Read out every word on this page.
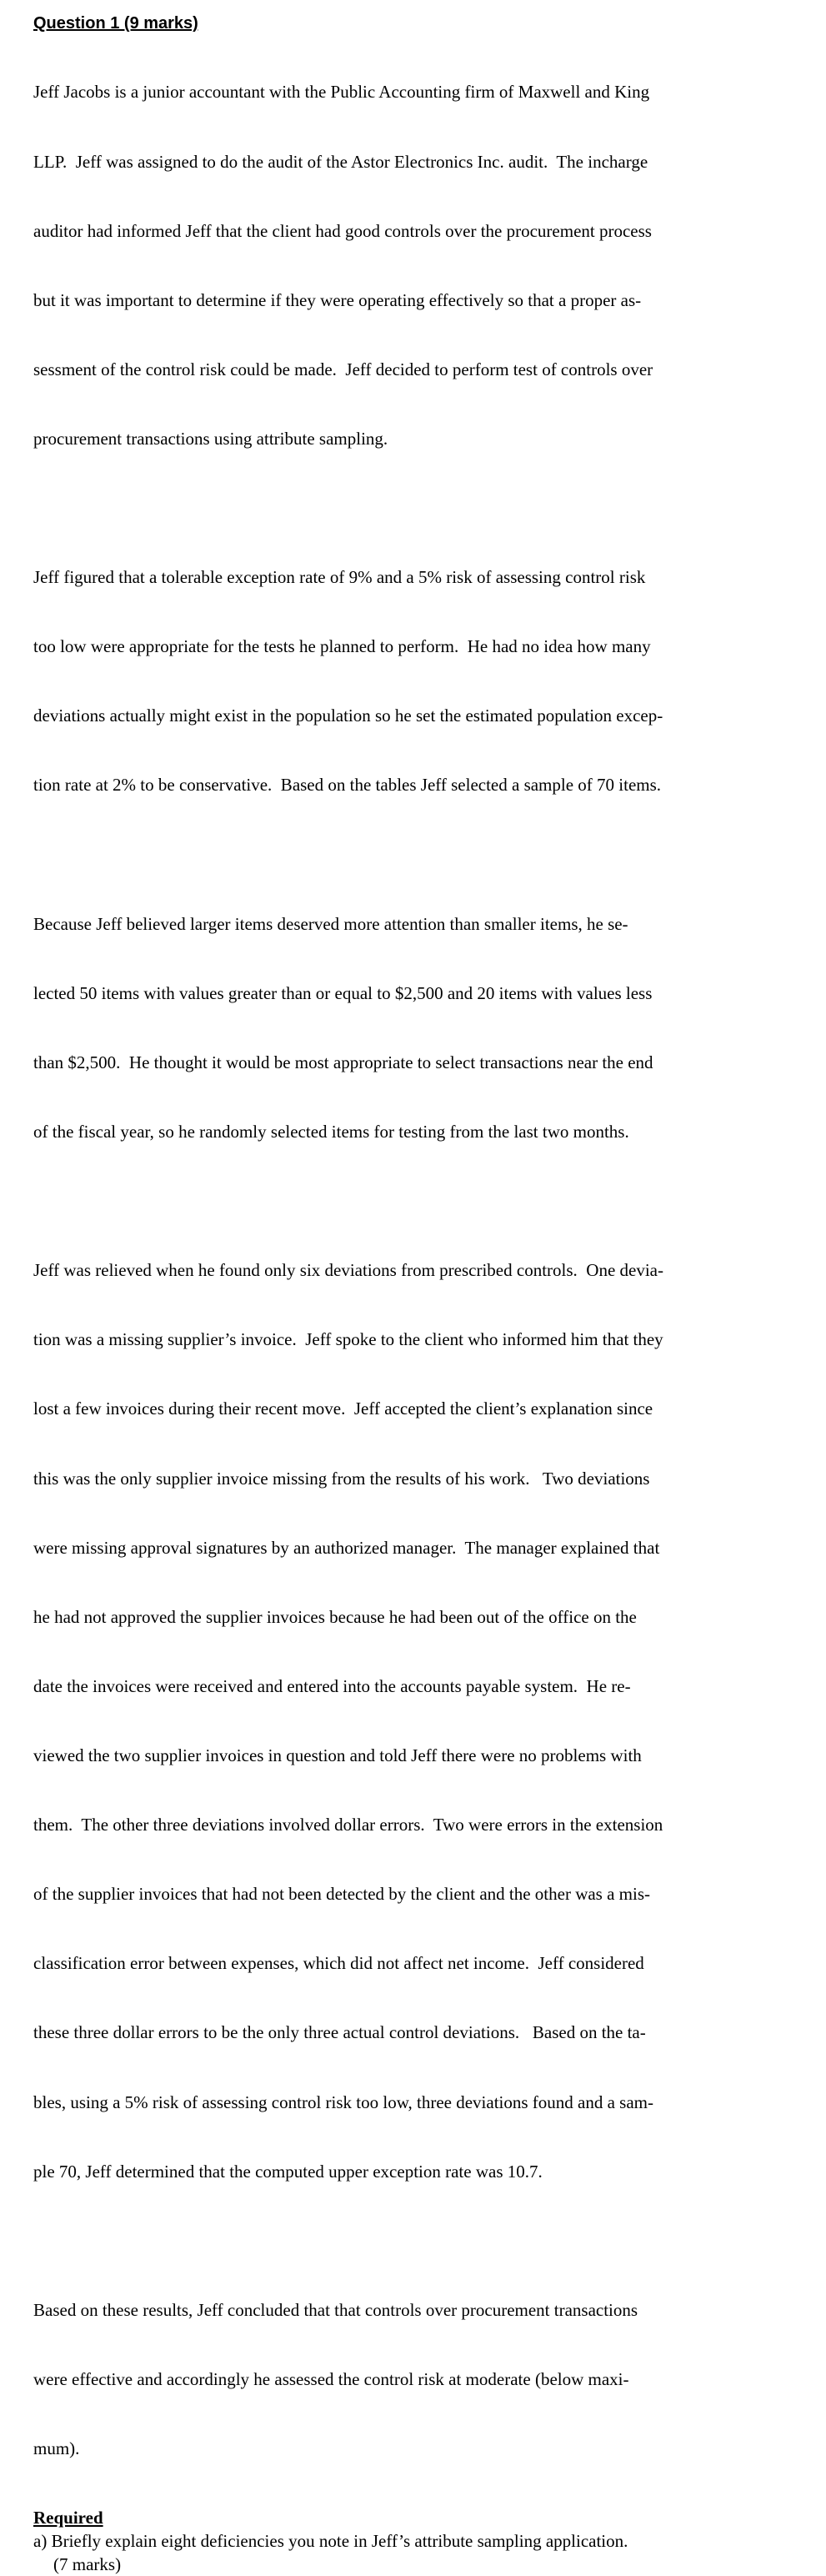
Question 1 (9 marks)

Jeff Jacobs is a junior accountant with the Public Accounting firm of Maxwell and King

LLP.  Jeff was assigned to do the audit of the Astor Electronics Inc. audit.  The incharge

auditor had informed Jeff that the client had good controls over the procurement process

but it was important to determine if they were operating effectively so that a proper as-

sessment of the control risk could be made.  Jeff decided to perform test of controls over

procurement transactions using attribute sampling.

Jeff figured that a tolerable exception rate of 9% and a 5% risk of assessing control risk

too low were appropriate for the tests he planned to perform.  He had no idea how many

deviations actually might exist in the population so he set the estimated population excep-

tion rate at 2% to be conservative.  Based on the tables Jeff selected a sample of 70 items.

Because Jeff believed larger items deserved more attention than smaller items, he se-

lected 50 items with values greater than or equal to $2,500 and 20 items with values less

than $2,500.  He thought it would be most appropriate to select transactions near the end

of the fiscal year, so he randomly selected items for testing from the last two months.

Jeff was relieved when he found only six deviations from prescribed controls.  One devia-

tion was a missing supplier’s invoice.  Jeff spoke to the client who informed him that they

lost a few invoices during their recent move.  Jeff accepted the client’s explanation since

this was the only supplier invoice missing from the results of his work.   Two deviations

were missing approval signatures by an authorized manager.  The manager explained that

he had not approved the supplier invoices because he had been out of the office on the

date the invoices were received and entered into the accounts payable system.  He re-

viewed the two supplier invoices in question and told Jeff there were no problems with

them.  The other three deviations involved dollar errors.  Two were errors in the extension

of the supplier invoices that had not been detected by the client and the other was a mis-

classification error between expenses, which did not affect net income.  Jeff considered

these three dollar errors to be the only three actual control deviations.   Based on the ta-

bles, using a 5% risk of assessing control risk too low, three deviations found and a sam-

ple 70, Jeff determined that the computed upper exception rate was 10.7.

Based on these results, Jeff concluded that that controls over procurement transactions

were effective and accordingly he assessed the control risk at moderate (below maxi-

mum).

Required
a) Briefly explain eight deficiencies you note in Jeff’s attribute sampling application.
(7 marks)
